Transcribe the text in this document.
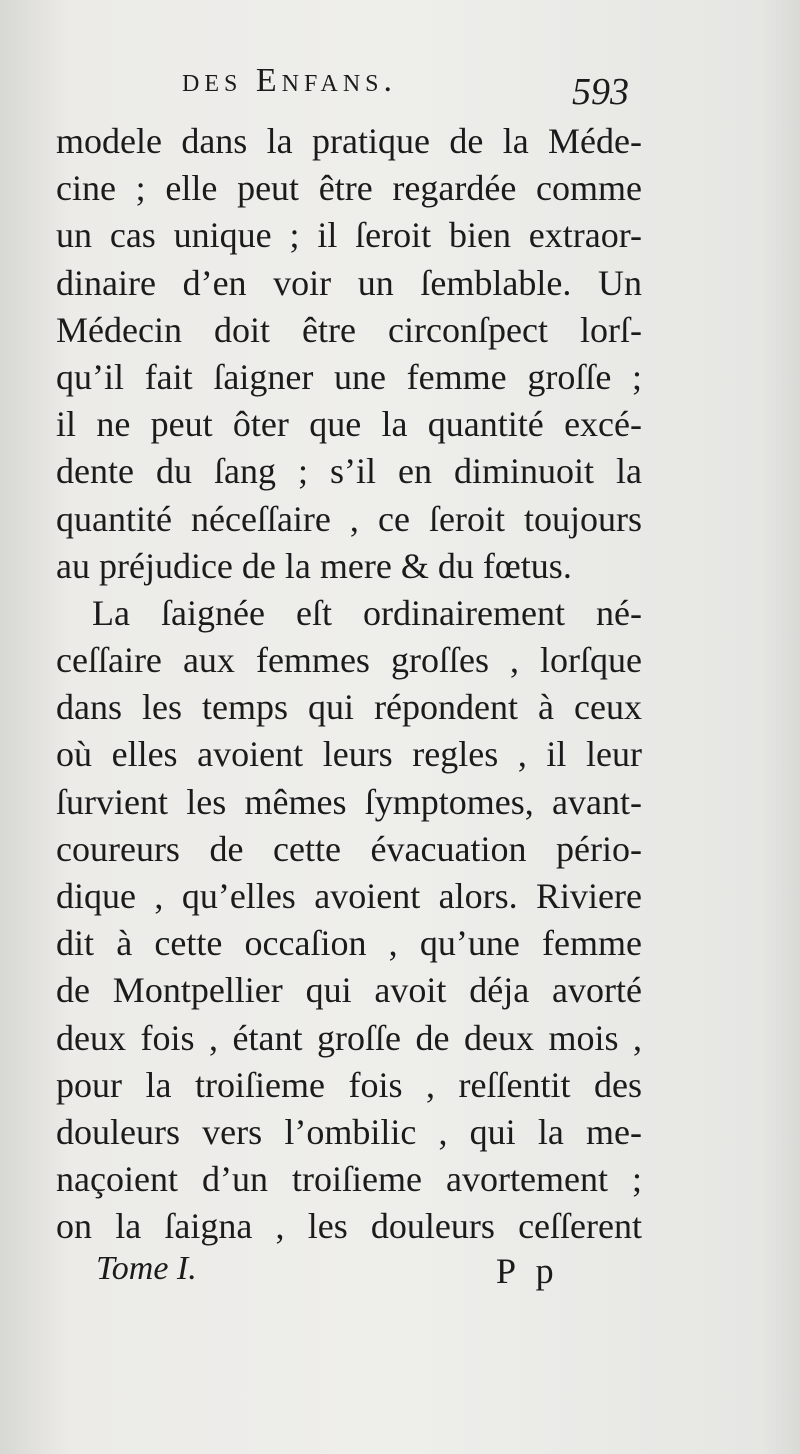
des Enfans.	593
modele dans la pratique de la Méde-
cine ; elle peut être regardée comme
un cas unique ; il ſeroit bien extraor-
dinaire d’en voir un ſemblable. Un
Médecin doit être circonſpect lorſ-
qu’il fait ſaigner une femme groſſe ;
il ne peut ôter que la quantité excé-
dente du ſang ; s’il en diminuoit la
quantité néceſſaire , ce ſeroit toujours
au préjudice de la mere & du fœtus.
La ſaignée eſt ordinairement né-
ceſſaire aux femmes groſſes , lorſque
dans les temps qui répondent à ceux
où elles avoient leurs regles , il leur
ſurvient les mêmes ſymptomes, avant-
coureurs de cette évacuation pério-
dique , qu’elles avoient alors. Riviere
dit à cette occaſion , qu’une femme
de Montpellier qui avoit déja avorté
deux fois , étant groſſe de deux mois ,
pour la troiſieme fois , reſſentit des
douleurs vers l’ombilic , qui la me-
naçoient d’un troiſieme avortement ;
on la ſaigna , les douleurs ceſſerent
Tome I.	P p
